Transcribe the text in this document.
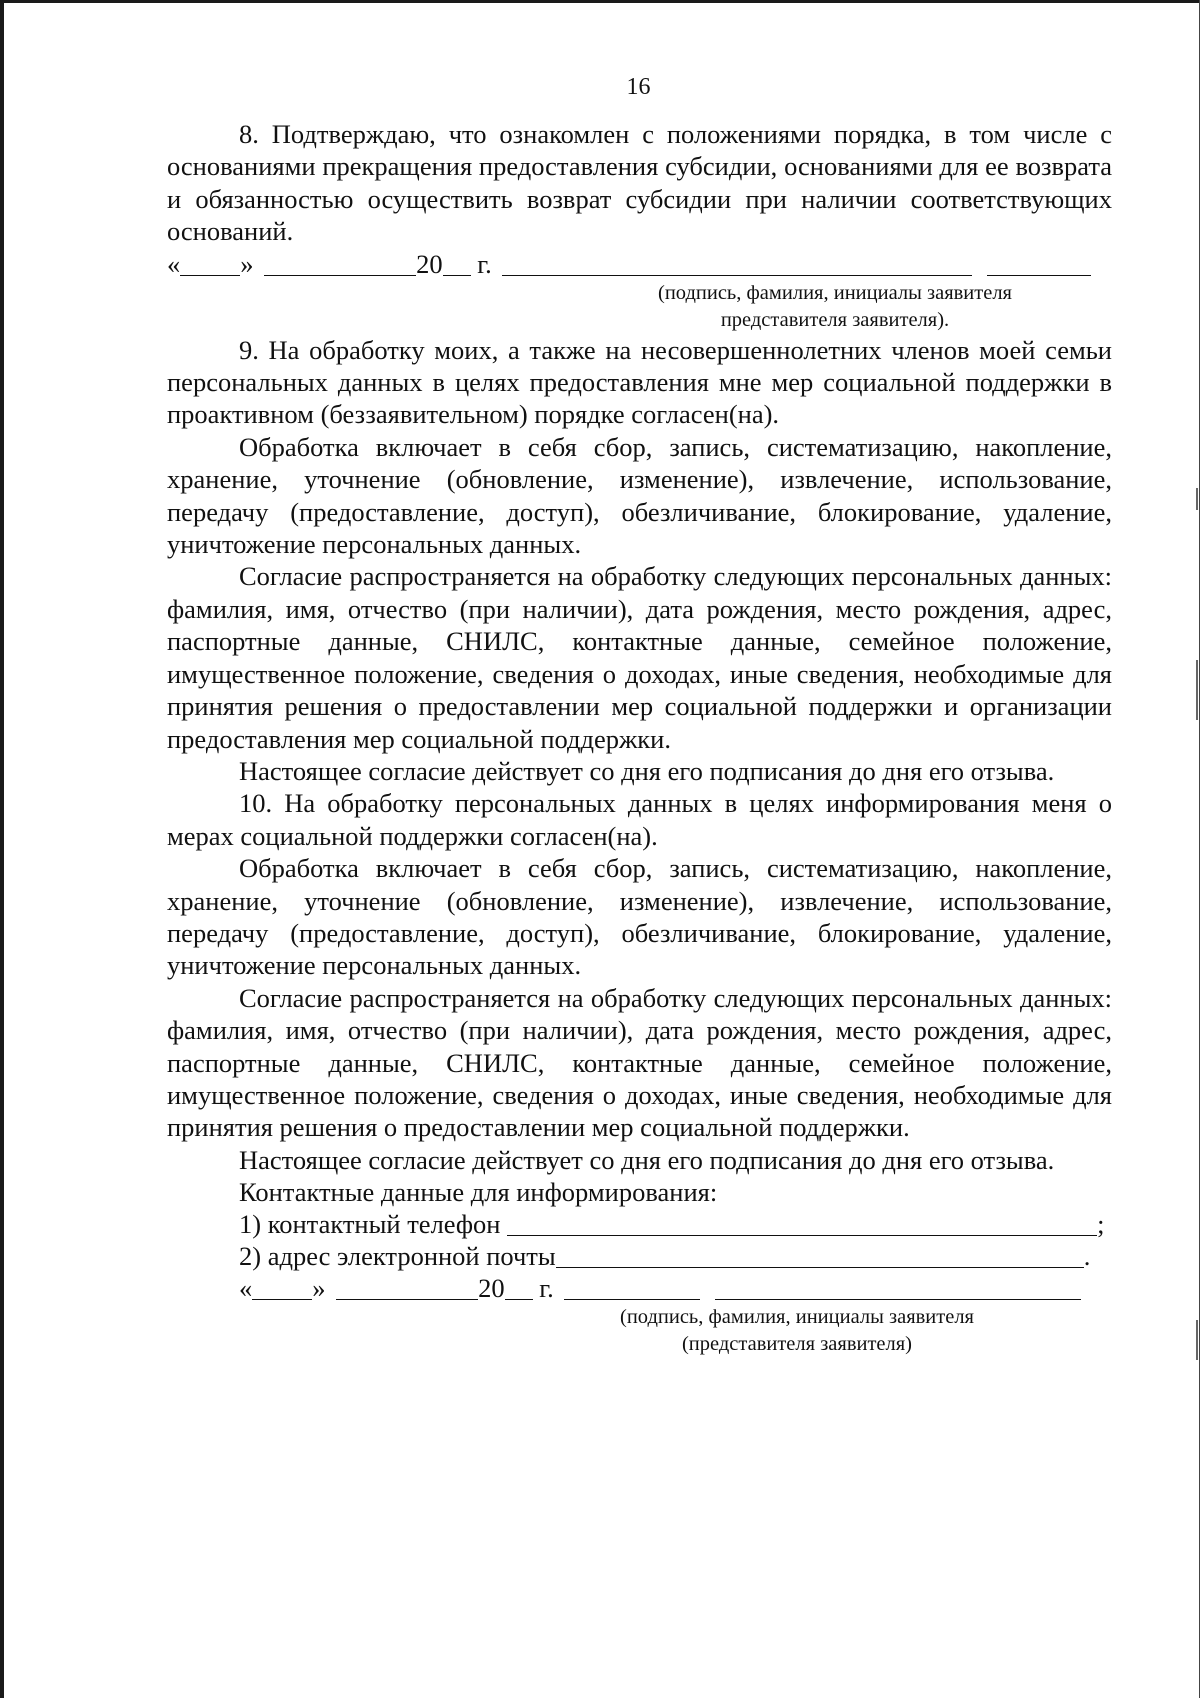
16

8. Подтверждаю, что ознакомлен с положениями порядка, в том числе с основаниями прекращения предоставления субсидии, основаниями для ее возврата и обязанностью осуществить возврат субсидии при наличии соответствующих оснований.

« »	20 г.
(подпись, фамилия, инициалы заявителя
представителя заявителя).

9. На обработку моих, а также на несовершеннолетних членов моей семьи персональных данных в целях предоставления мне мер социальной поддержки в проактивном (беззаявительном) порядке согласен(на).

Обработка включает в себя сбор, запись, систематизацию, накопление, хранение, уточнение (обновление, изменение), извлечение, использование, передачу (предоставление, доступ), обезличивание, блокирование, удаление, уничтожение персональных данных.

Согласие распространяется на обработку следующих персональных данных: фамилия, имя, отчество (при наличии), дата рождения, место рождения, адрес, паспортные данные, СНИЛС, контактные данные, семейное положение, имущественное положение, сведения о доходах, иные сведения, необходимые для принятия решения о предоставлении мер социальной поддержки и организации предоставления мер социальной поддержки.

Настоящее согласие действует со дня его подписания до дня его отзыва.

10. На обработку персональных данных в целях информирования меня о мерах социальной поддержки согласен(на).

Обработка включает в себя сбор, запись, систематизацию, накопление, хранение, уточнение (обновление, изменение), извлечение, использование, передачу (предоставление, доступ), обезличивание, блокирование, удаление, уничтожение персональных данных.

Согласие распространяется на обработку следующих персональных данных: фамилия, имя, отчество (при наличии), дата рождения, место рождения, адрес, паспортные данные, СНИЛС, контактные данные, семейное положение, имущественное положение, сведения о доходах, иные сведения, необходимые для принятия решения о предоставлении мер социальной поддержки.

Настоящее согласие действует со дня его подписания до дня его отзыва.

Контактные данные для информирования:
1) контактный телефон	;
2) адрес электронной почты	.
« »	20 г.
(подпись, фамилия, инициалы заявителя
(представителя заявителя)
